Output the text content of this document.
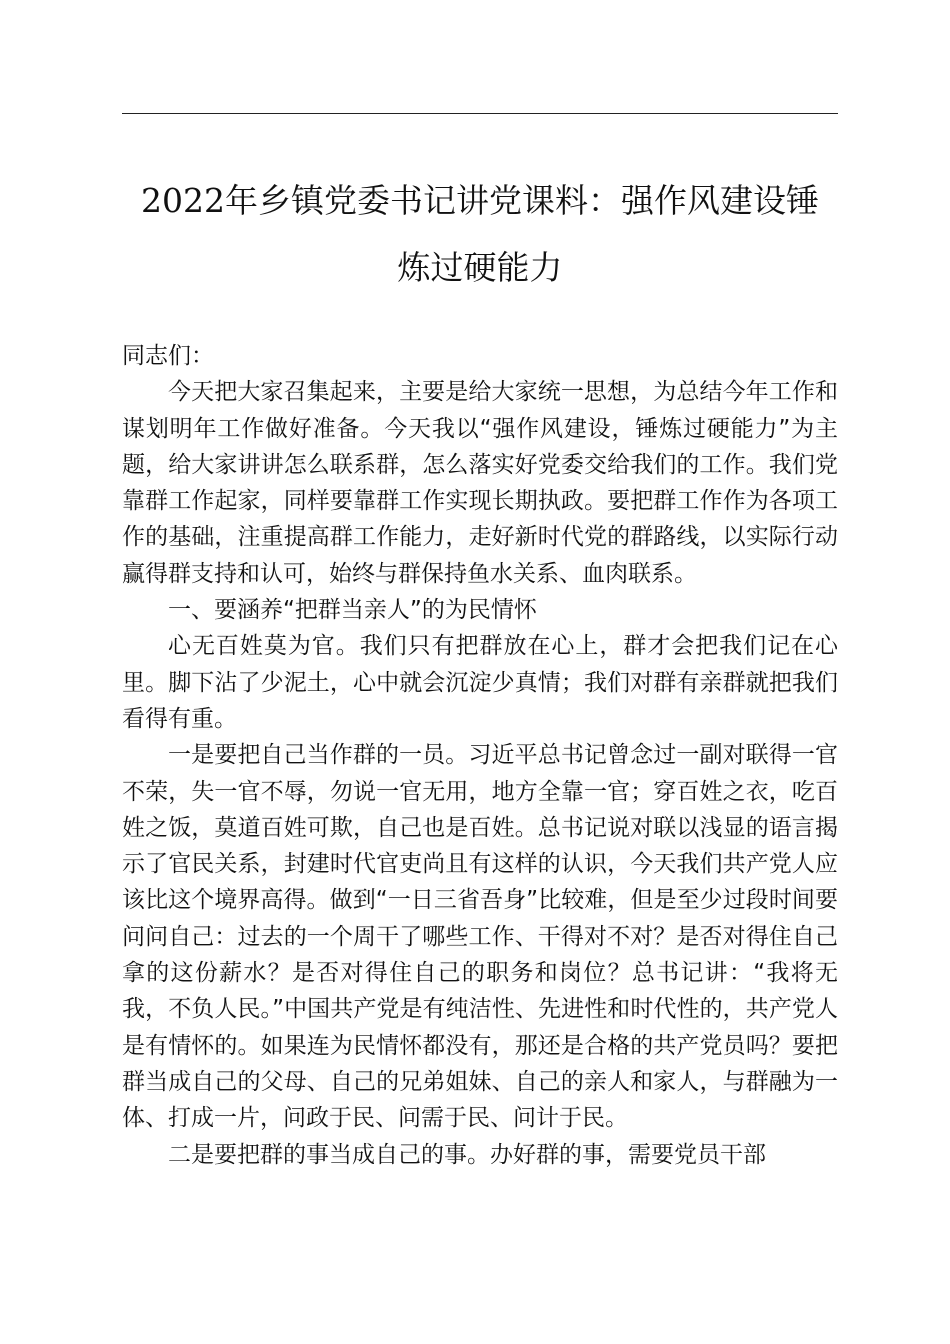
2022年乡镇党委书记讲党课料：强作风建设锤
炼过硬能力

同志们：

今天把大家召集起来，主要是给大家统一思想，为总结今年工作和谋划明年工作做好准备。今天我以“强作风建设，锤炼过硬能力”为主题，给大家讲讲怎么联系群，怎么落实好党委交给我们的工作。我们党靠群工作起家，同样要靠群工作实现长期执政。要把群工作作为各项工作的基础，注重提高群工作能力，走好新时代党的群路线，以实际行动赢得群支持和认可，始终与群保持鱼水关系、血肉联系。

一、要涵养“把群当亲人”的为民情怀

心无百姓莫为官。我们只有把群放在心上，群才会把我们记在心里。脚下沾了少泥土，心中就会沉淀少真情；我们对群有亲群就把我们看得有重。

一是要把自己当作群的一员。习近平总书记曾念过一副对联得一官不荣，失一官不辱，勿说一官无用，地方全靠一官；穿百姓之衣，吃百姓之饭，莫道百姓可欺，自己也是百姓。总书记说对联以浅显的语言揭示了官民关系，封建时代官吏尚且有这样的认识，今天我们共产党人应该比这个境界高得。做到“一日三省吾身”比较难，但是至少过段时间要问问自己：过去的一个周干了哪些工作、干得对不对？是否对得住自己拿的这份薪水？是否对得住自己的职务和岗位？总书记讲：“我将无我，不负人民。”中国共产党是有纯洁性、先进性和时代性的，共产党人是有情怀的。如果连为民情怀都没有，那还是合格的共产党员吗？要把群当成自己的父母、自己的兄弟姐妹、自己的亲人和家人，与群融为一体、打成一片，问政于民、问需于民、问计于民。

二是要把群的事当成自己的事。办好群的事，需要党员干部
